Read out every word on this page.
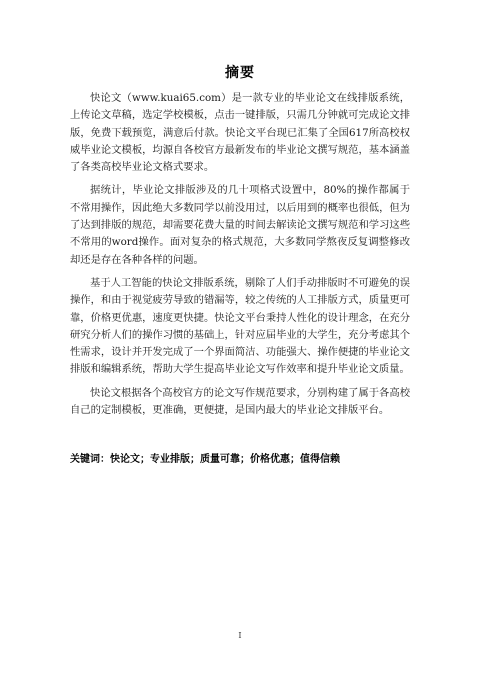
摘要

快论文（www.kuai65.com）是一款专业的毕业论文在线排版系统，上传论文草稿，选定学校模板，点击一键排版，只需几分钟就可完成论文排版，免费下载预览，满意后付款。快论文平台现已汇集了全国617所高校权威毕业论文模板，均源自各校官方最新发布的毕业论文撰写规范，基本涵盖了各类高校毕业论文格式要求。

据统计，毕业论文排版涉及的几十项格式设置中，80%的操作都属于不常用操作，因此绝大多数同学以前没用过，以后用到的概率也很低，但为了达到排版的规范，却需要花费大量的时间去解读论文撰写规范和学习这些不常用的word操作。面对复杂的格式规范，大多数同学熬夜反复调整修改却还是存在各种各样的问题。

基于人工智能的快论文排版系统，剔除了人们手动排版时不可避免的误操作，和由于视觉疲劳导致的错漏等，较之传统的人工排版方式，质量更可靠，价格更优惠，速度更快捷。快论文平台秉持人性化的设计理念，在充分研究分析人们的操作习惯的基础上，针对应届毕业的大学生，充分考虑其个性需求，设计并开发完成了一个界面简洁、功能强大、操作便捷的毕业论文排版和编辑系统，帮助大学生提高毕业论文写作效率和提升毕业论文质量。

快论文根据各个高校官方的论文写作规范要求，分别构建了属于各高校自己的定制模板，更准确，更便捷，是国内最大的毕业论文排版平台。

关键词：快论文；专业排版；质量可靠；价格优惠；值得信赖
I
